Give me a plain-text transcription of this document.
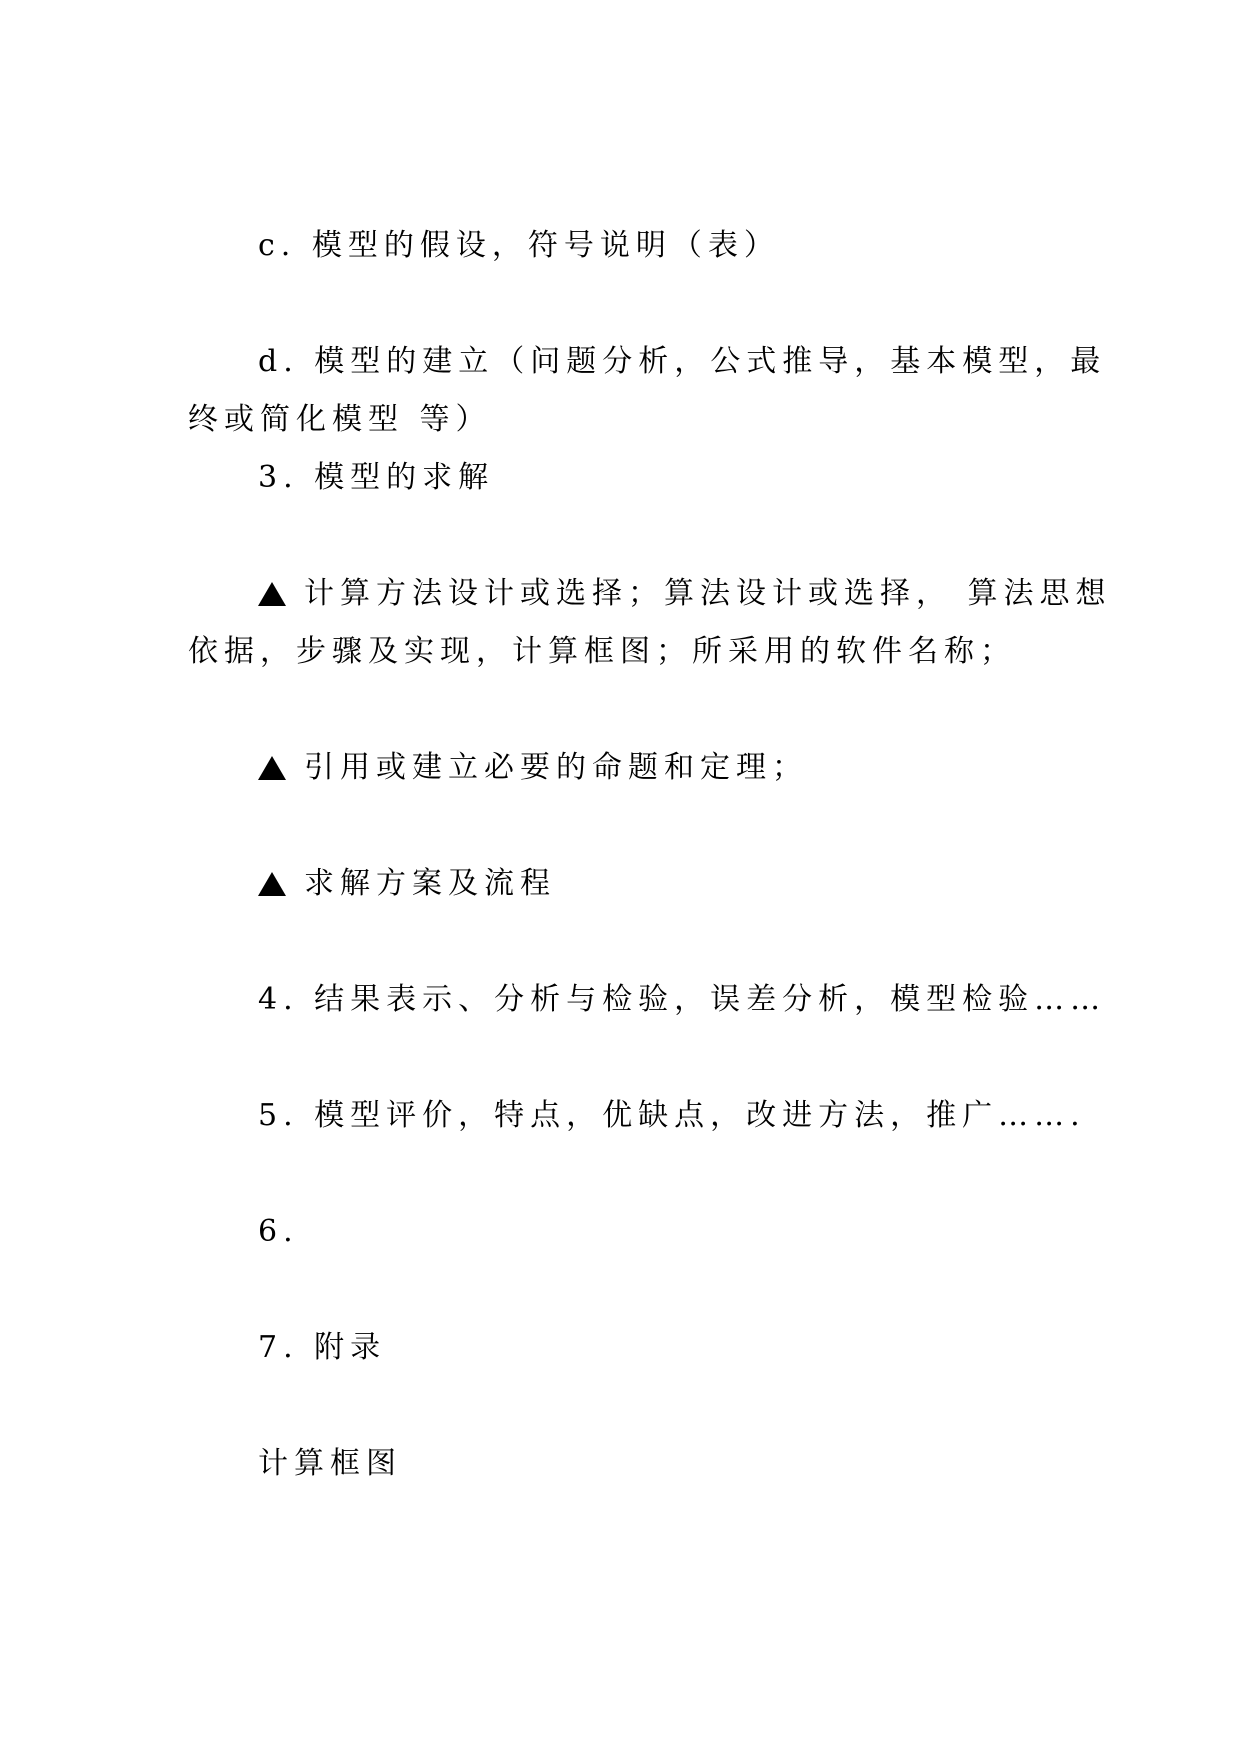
c. 模型的假设，符号说明（表）
d. 模型的建立（问题分析，公式推导，基本模型，最
终或简化模型 等）
3. 模型的求解
计算方法设计或选择；算法设计或选择， 算法思想
依据，步骤及实现，计算框图；所采用的软件名称；
引用或建立必要的命题和定理；
求解方案及流程
4. 结果表示、分析与检验，误差分析，模型检验……
5. 模型评价，特点，优缺点，改进方法，推广…….
6.
7. 附录
计算框图
